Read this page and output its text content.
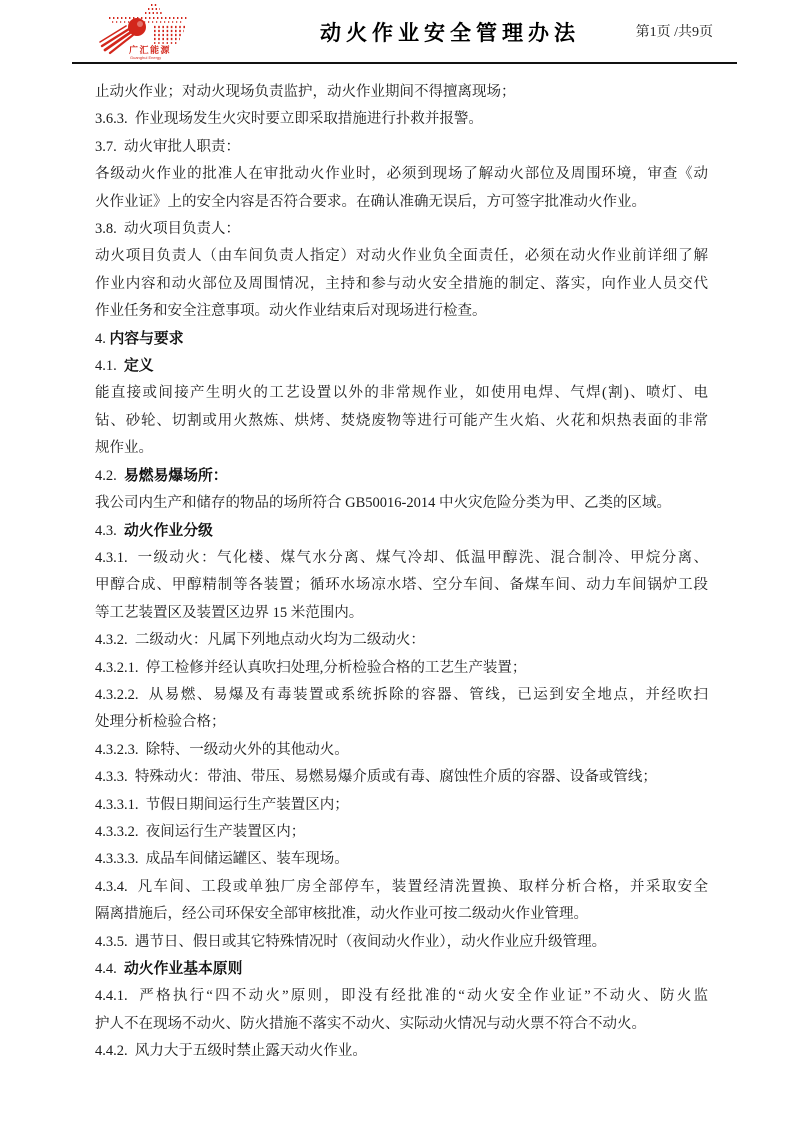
广汇能源
Guanghui Energy
动火作业安全管理办法	第1页 /共9页
止动火作业；对动火现场负责监护，动火作业期间不得擅离现场；
3.6.3.  作业现场发生火灾时要立即采取措施进行扑救并报警。
3.7.  动火审批人职责：
各级动火作业的批准人在审批动火作业时，必须到现场了解动火部位及周围环境，审查《动
火作业证》上的安全内容是否符合要求。在确认准确无误后，方可签字批准动火作业。
3.8.  动火项目负责人：
动火项目负责人（由车间负责人指定）对动火作业负全面责任，必须在动火作业前详细了解
作业内容和动火部位及周围情况，主持和参与动火安全措施的制定、落实，向作业人员交代
作业任务和安全注意事项。动火作业结束后对现场进行检查。
4. 内容与要求
4.1.  定义
能直接或间接产生明火的工艺设置以外的非常规作业，如使用电焊、气焊(割)、喷灯、电
钻、砂轮、切割或用火熬炼、烘烤、焚烧废物等进行可能产生火焰、火花和炽热表面的非常
规作业。
4.2.  易燃易爆场所：
我公司内生产和储存的物品的场所符合 GB50016-2014 中火灾危险分类为甲、乙类的区域。
4.3.  动火作业分级
4.3.1.  一级动火：气化楼、煤气水分离、煤气冷却、低温甲醇洗、混合制冷、甲烷分离、
甲醇合成、甲醇精制等各装置；循环水场凉水塔、空分车间、备煤车间、动力车间锅炉工段
等工艺装置区及装置区边界 15 米范围内。
4.3.2.  二级动火：凡属下列地点动火均为二级动火：
4.3.2.1.  停工检修并经认真吹扫处理,分析检验合格的工艺生产装置；
4.3.2.2.  从易燃、易爆及有毒装置或系统拆除的容器、管线，已运到安全地点，并经吹扫
处理分析检验合格；
4.3.2.3.  除特、一级动火外的其他动火。
4.3.3.  特殊动火：带油、带压、易燃易爆介质或有毒、腐蚀性介质的容器、设备或管线；
4.3.3.1.  节假日期间运行生产装置区内；
4.3.3.2.  夜间运行生产装置区内；
4.3.3.3.  成品车间储运罐区、装车现场。
4.3.4.  凡车间、工段或单独厂房全部停车，装置经清洗置换、取样分析合格，并采取安全
隔离措施后，经公司环保安全部审核批准，动火作业可按二级动火作业管理。
4.3.5.  遇节日、假日或其它特殊情况时（夜间动火作业），动火作业应升级管理。
4.4.  动火作业基本原则
4.4.1.  严格执行“四不动火”原则，即没有经批准的“动火安全作业证”不动火、防火监
护人不在现场不动火、防火措施不落实不动火、实际动火情况与动火票不符合不动火。
4.4.2.  风力大于五级时禁止露天动火作业。
